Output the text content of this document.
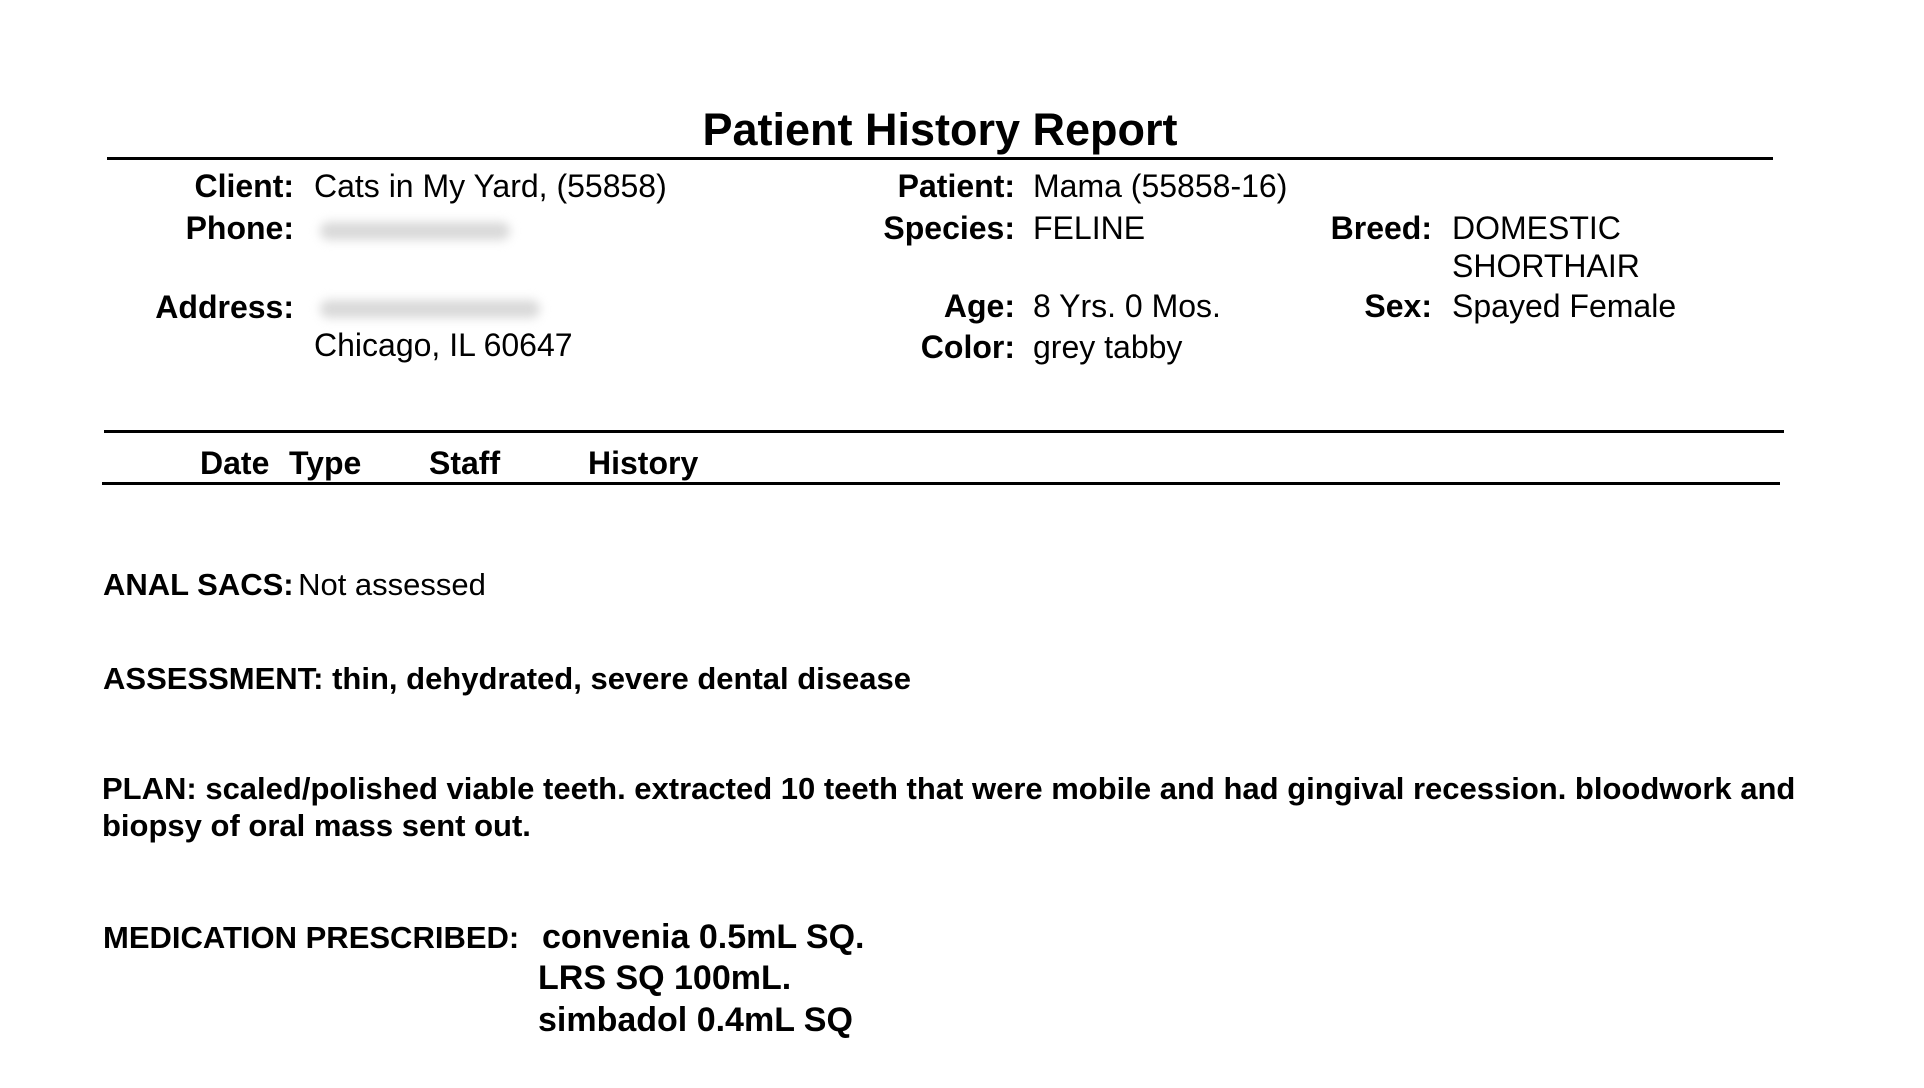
Patient History Report
Client: Cats in My Yard, (55858)
Phone:
Address:
Chicago, IL 60647
Patient: Mama (55858-16)
Species: FELINE	Breed: DOMESTIC
SHORTHAIR
Age: 8 Yrs. 0 Mos.	Sex: Spayed Female
Color: grey tabby
Date Type Staff	History
ANAL SACS: Not assessed
ASSESSMENT: thin, dehydrated, severe dental disease
PLAN: scaled/polished viable teeth. extracted 10 teeth that were mobile and had gingival recession. bloodwork and biopsy of oral mass sent out.
MEDICATION PRESCRIBED: convenia 0.5mL SQ.
LRS SQ 100mL.
simbadol 0.4mL SQ
